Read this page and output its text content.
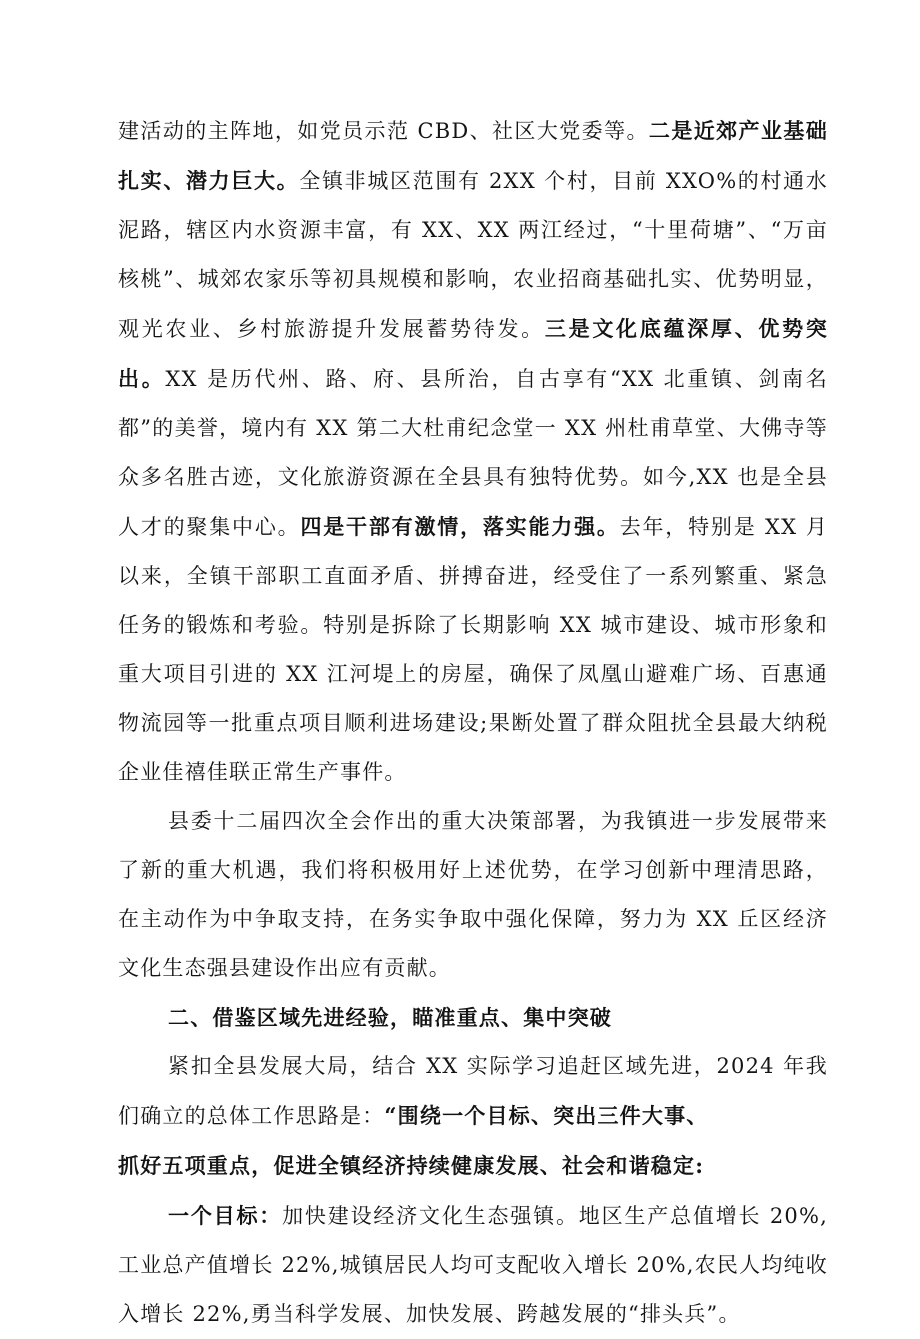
建活动的主阵地，如党员示范 CBD、社区大党委等。二是近郊产业基础扎实、潜力巨大。全镇非城区范围有 2XX 个村，目前 XXO%的村通水泥路，辖区内水资源丰富，有 XX、XX 两江经过，“十里荷塘”、“万亩核桃”、城郊农家乐等初具规模和影响，农业招商基础扎实、优势明显，观光农业、乡村旅游提升发展蓄势待发。三是文化底蕴深厚、优势突出。XX 是历代州、路、府、县所治，自古享有“XX 北重镇、剑南名都”的美誉，境内有 XX 第二大杜甫纪念堂一 XX 州杜甫草堂、大佛寺等众多名胜古迹，文化旅游资源在全县具有独特优势。如今,XX 也是全县人才的聚集中心。四是干部有激情，落实能力强。去年，特别是 XX 月以来，全镇干部职工直面矛盾、拼搏奋进，经受住了一系列繁重、紧急任务的锻炼和考验。特别是拆除了长期影响 XX 城市建设、城市形象和重大项目引进的 XX 江河堤上的房屋，确保了凤凰山避难广场、百惠通物流园等一批重点项目顺利进场建设;果断处置了群众阻扰全县最大纳税企业佳禧佳联正常生产事件。

县委十二届四次全会作出的重大决策部署，为我镇进一步发展带来了新的重大机遇，我们将积极用好上述优势，在学习创新中理清思路，在主动作为中争取支持，在务实争取中强化保障，努力为 XX 丘区经济文化生态强县建设作出应有贡献。

二、借鉴区域先进经验，瞄准重点、集中突破

紧扣全县发展大局，结合 XX 实际学习追赶区域先进，2024 年我们确立的总体工作思路是：“围绕一个目标、突出三件大事、
抓好五项重点，促进全镇经济持续健康发展、社会和谐稳定:

一个目标：加快建设经济文化生态强镇。地区生产总值增长 20%,工业总产值增长 22%,城镇居民人均可支配收入增长 20%,农民人均纯收入增长 22%,勇当科学发展、加快发展、跨越发展的“排头兵”。
